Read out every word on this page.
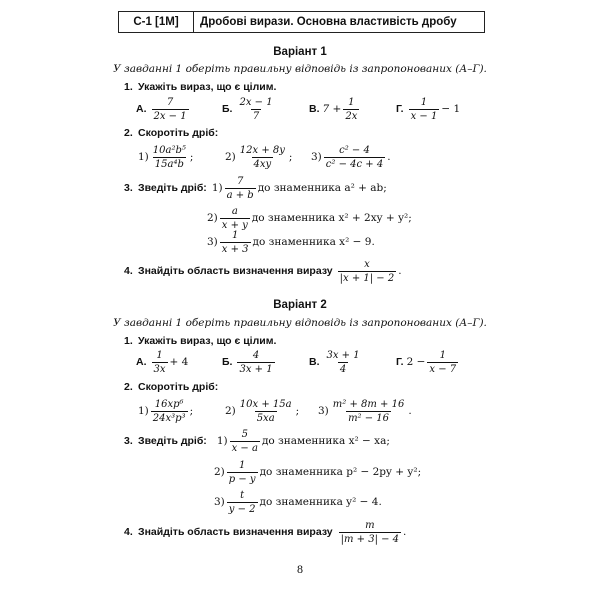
С-1 [1М]	Дробові вирази. Основна властивість дробу
Варіант 1
У завданні 1 оберіть правильну відповідь із запропонованих (А–Г).
1. Укажіть вираз, що є цілим.
А. $\frac{7}{2x - 1}$	Б. $\frac{2x - 1}{7}$	В. $7 + \frac{1}{2x}$	Г. $\frac{1}{x - 1} - 1$
2. Скоротіть дріб:
$1) \frac{\text{10a²b⁵}}{\text{15a⁴b}}$ ;	$2) \frac{12x + 8y}{4xy}$ ; $3) \frac{\text{c² − 4}}{\text{c² − 4c + 4}}$ .
3. Зведіть дріб: $1) \frac{7}{a + b}$ до знаменника a² + ab;
$2) \frac{a}{x + y}$ до знаменника x² + 2xy + y²;
$3) \frac{1}{x + 3}$ до знаменника x² − 9.
4. Знайдіть область визначення виразу $\frac{x}{|x + 1| - 2}$ .
Варіант 2
У завданні 1 оберіть правильну відповідь із запропонованих (А–Г).
1. Укажіть вираз, що є цілим.
А. $\frac{1}{3x} + 4$	Б. $\frac{4}{3x + 1}$	В. $\frac{3x + 1}{4}$	Г. $2 - \frac{1}{x - 7}$
2. Скоротіть дріб:
$1) \frac{\text{16xp⁶}}{\text{24x³p³}}$ ;	$2) \frac{10x + 15a}{5xa}$ ; $3) \frac{\text{m² + 8m + 16}}{\text{m² − 16}}$ .
3. Зведіть дріб: $1) \frac{5}{x - a}$ до знаменника x² − xa;
$2) \frac{1}{p - y}$ до знаменника p² − 2py + y²;
$3) \frac{t}{y - 2}$ до знаменника y² − 4.
4. Знайдіть область визначення виразу $\frac{m}{|m + 3| - 4}$ .
8
